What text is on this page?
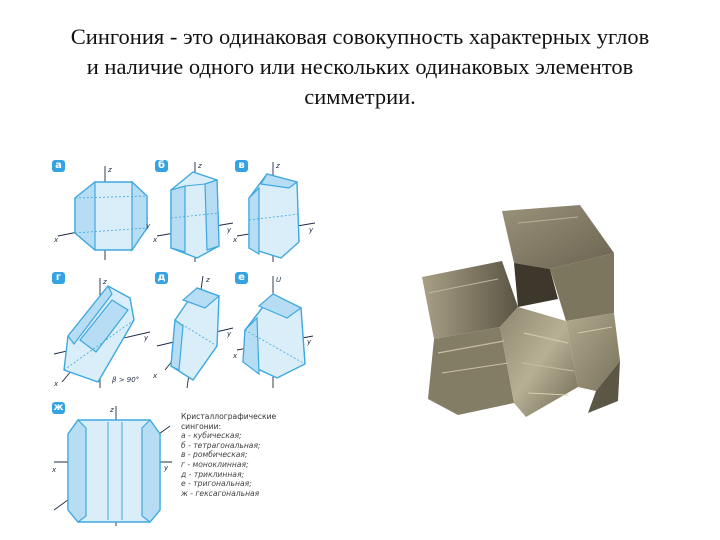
Сингония - это одинаковая совокупность характерных углов
и наличие одного или нескольких одинаковых элементов
симметрии.
а	z
y
x
б	z
y
x
в	z
y
x
г	z
y
x	β > 90°
д	z
y
x
е	U
y
x
ж	z
y
x
Кристаллографические
сингонии:
а - кубическая;
б - тетрагональная;
в - ромбическая;
г - моноклинная;
д - триклинная;
е - тригональная;
ж - гексагональная
